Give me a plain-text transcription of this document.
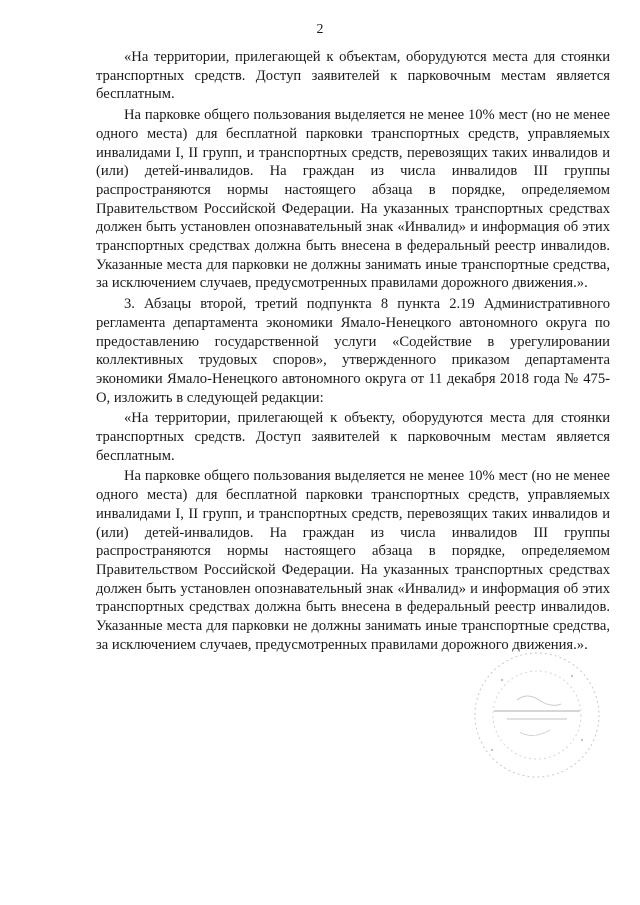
2

«На территории, прилегающей к объектам, оборудуются места для стоянки транспортных средств. Доступ заявителей к парковочным местам является бесплатным.

На парковке общего пользования выделяется не менее 10% мест (но не менее одного места) для бесплатной парковки транспортных средств, управляемых инвалидами I, II групп, и транспортных средств, перевозящих таких инвалидов и (или) детей-инвалидов. На граждан из числа инвалидов III группы распространяются нормы настоящего абзаца в порядке, определяемом Правительством Российской Федерации. На указанных транспортных средствах должен быть установлен опознавательный знак «Инвалид» и информация об этих транспортных средствах должна быть внесена в федеральный реестр инвалидов. Указанные места для парковки не должны занимать иные транспортные средства, за исключением случаев, предусмотренных правилами дорожного движения.».

3. Абзацы второй, третий подпункта 8 пункта 2.19 Административного регламента департамента экономики Ямало-Ненецкого автономного округа по предоставлению государственной услуги «Содействие в урегулировании коллективных трудовых споров», утвержденного приказом департамента экономики Ямало-Ненецкого автономного округа от 11 декабря 2018 года № 475-О, изложить в следующей редакции:

«На территории, прилегающей к объекту, оборудуются места для стоянки транспортных средств. Доступ заявителей к парковочным местам является бесплатным.

На парковке общего пользования выделяется не менее 10% мест (но не менее одного места) для бесплатной парковки транспортных средств, управляемых инвалидами I, II групп, и транспортных средств, перевозящих таких инвалидов и (или) детей-инвалидов. На граждан из числа инвалидов III группы распространяются нормы настоящего абзаца в порядке, определяемом Правительством Российской Федерации. На указанных транспортных средствах должен быть установлен опознавательный знак «Инвалид» и информация об этих транспортных средствах должна быть внесена в федеральный реестр инвалидов. Указанные места для парковки не должны занимать иные транспортные средства, за исключением случаев, предусмотренных правилами дорожного движения.».
